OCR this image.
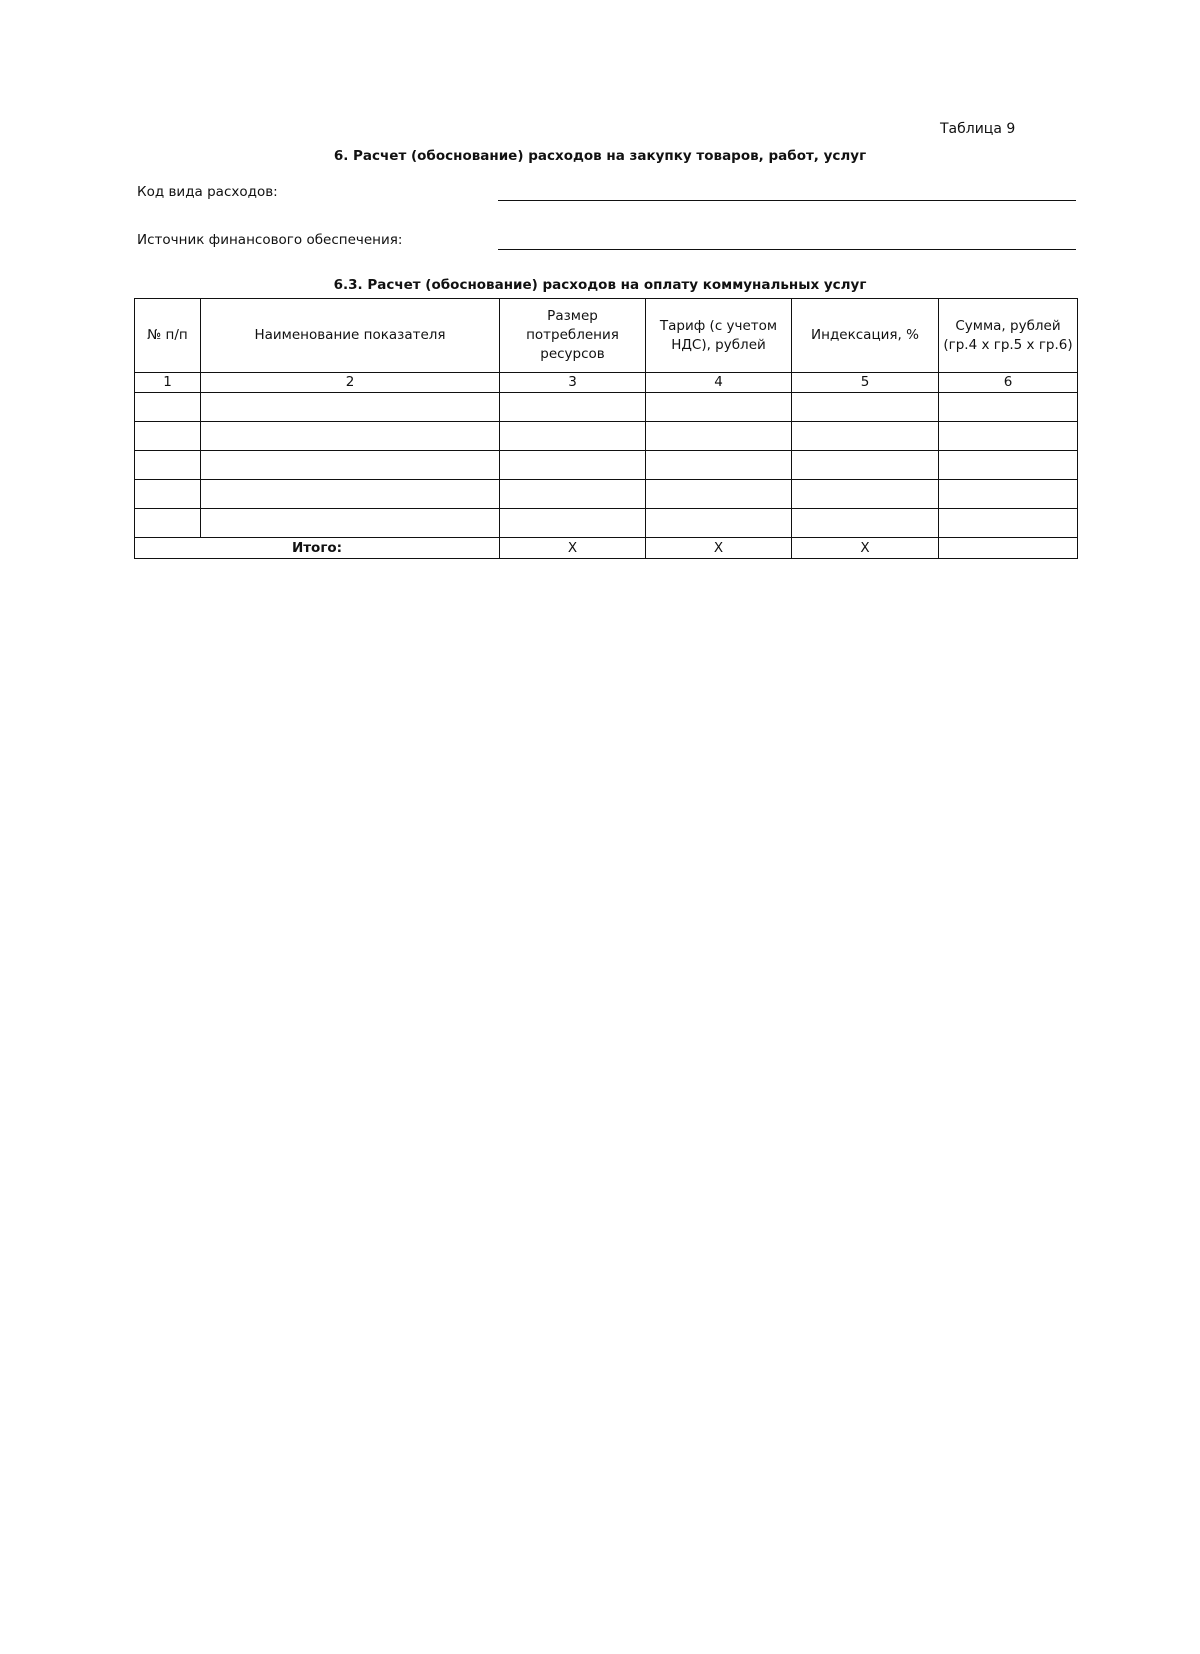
Таблица 9
6. Расчет (обоснование) расходов на закупку товаров, работ, услуг
Код вида расходов:
Источник финансового обеспечения:
6.3. Расчет (обоснование) расходов на оплату коммунальных услуг
№ п/п	Наименование показателя	Размер потребления ресурсов	Тариф (с учетом НДС), рублей	Индексация, %	Сумма, рублей (гр.4 x гр.5 x гр.6)
1	2	3	4	5	6

Итого:		X	X	X	
